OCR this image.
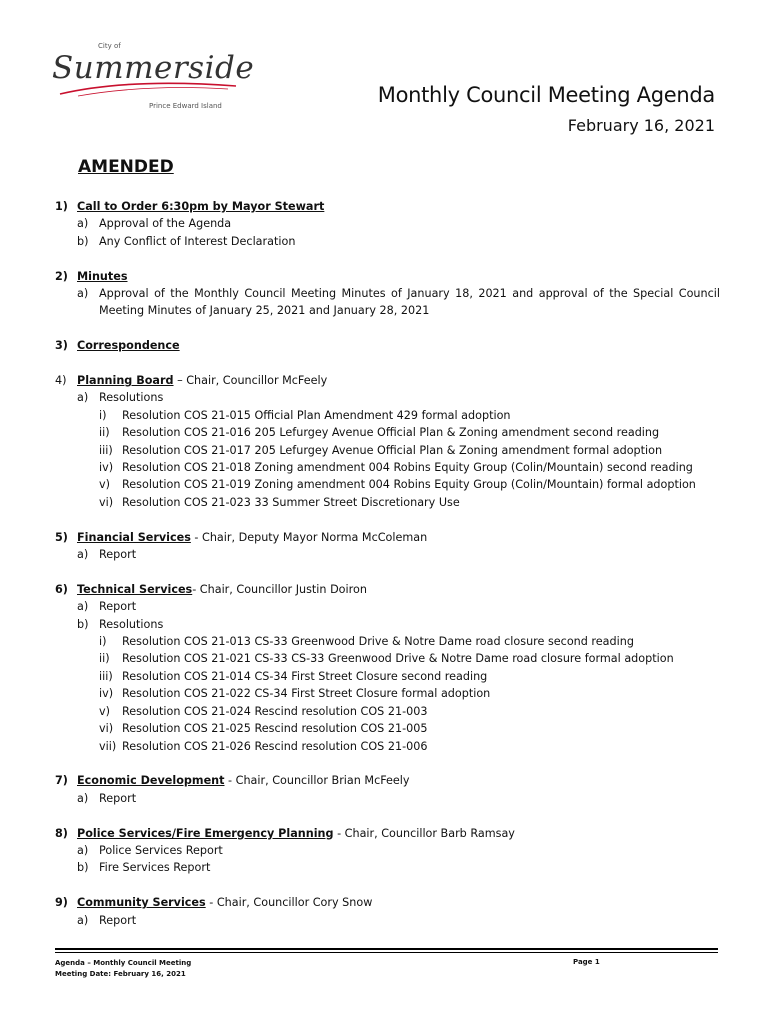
City of
Summerside
Prince Edward Island	Monthly Council Meeting Agenda
February 16, 2021
AMENDED
1) Call to Order 6:30pm by Mayor Stewart
a) Approval of the Agenda
b) Any Conflict of Interest Declaration
2) Minutes
a) Approval of the Monthly Council Meeting Minutes of January 18, 2021 and approval of the Special Council Meeting Minutes of January 25, 2021 and January 28, 2021
3) Correspondence
4) Planning Board – Chair, Councillor McFeely
a) Resolutions
i)	Resolution COS 21-015 Official Plan Amendment 429 formal adoption
ii)	Resolution COS 21-016 205 Lefurgey Avenue Official Plan & Zoning amendment second reading
iii) Resolution COS 21-017 205 Lefurgey Avenue Official Plan & Zoning amendment formal adoption
iv) Resolution COS 21-018 Zoning amendment 004 Robins Equity Group (Colin/Mountain) second reading
v)	Resolution COS 21-019 Zoning amendment 004 Robins Equity Group (Colin/Mountain) formal adoption
vi) Resolution COS 21-023 33 Summer Street Discretionary Use
5) Financial Services - Chair, Deputy Mayor Norma McColeman
a) Report
6) Technical Services - Chair, Councillor Justin Doiron
a) Report
b) Resolutions
i)	Resolution COS 21-013 CS-33 Greenwood Drive & Notre Dame road closure second reading
ii)	Resolution COS 21-021 CS-33 CS-33 Greenwood Drive & Notre Dame road closure formal adoption
iii) Resolution COS 21-014 CS-34 First Street Closure second reading
iv) Resolution COS 21-022 CS-34 First Street Closure formal adoption
v)	Resolution COS 21-024 Rescind resolution COS 21-003
vi) Resolution COS 21-025 Rescind resolution COS 21-005
vii) Resolution COS 21-026 Rescind resolution COS 21-006
7) Economic Development - Chair, Councillor Brian McFeely
a) Report
8) Police Services/Fire Emergency Planning - Chair, Councillor Barb Ramsay
a) Police Services Report
b) Fire Services Report
9) Community Services - Chair, Councillor Cory Snow
a) Report
Agenda – Monthly Council Meeting
Meeting Date: February 16, 2021
Page 1
